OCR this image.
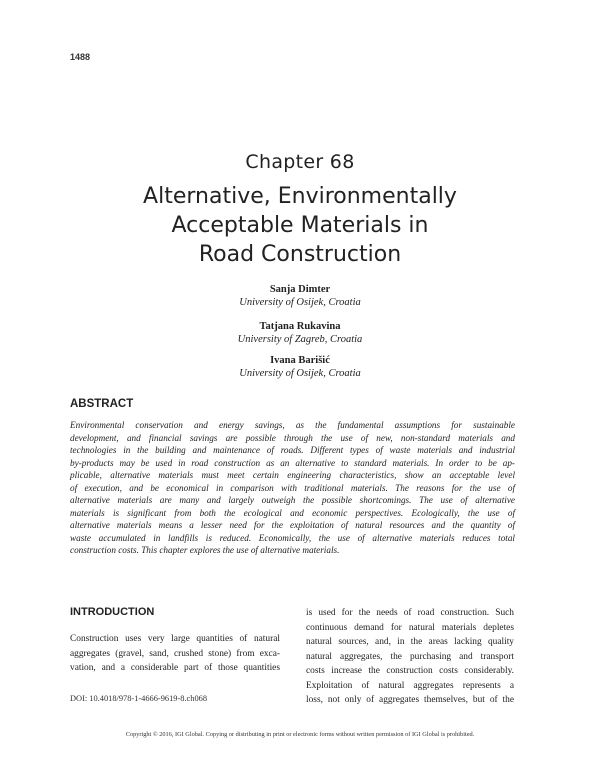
1488
Chapter 68
Alternative, Environmentally
Acceptable Materials in
Road Construction
Sanja Dimter
University of Osijek, Croatia
Tatjana Rukavina
University of Zagreb, Croatia
Ivana Barišić
University of Osijek, Croatia
ABSTRACT
Environmental conservation and energy savings, as the fundamental assumptions for sustainable
development, and financial savings are possible through the use of new, non-standard materials and
technologies in the building and maintenance of roads. Different types of waste materials and industrial
by-products may be used in road construction as an alternative to standard materials. In order to be ap-
plicable, alternative materials must meet certain engineering characteristics, show an acceptable level
of execution, and be economical in comparison with traditional materials. The reasons for the use of
alternative materials are many and largely outweigh the possible shortcomings. The use of alternative
materials is significant from both the ecological and economic perspectives. Ecologically, the use of
alternative materials means a lesser need for the exploitation of natural resources and the quantity of
waste accumulated in landfills is reduced. Economically, the use of alternative materials reduces total
construction costs. This chapter explores the use of alternative materials.
INTRODUCTION
Construction uses very large quantities of natural
aggregates (gravel, sand, crushed stone) from exca-
vation, and a considerable part of those quantities
is used for the needs of road construction. Such
continuous demand for natural materials depletes
natural sources, and, in the areas lacking quality
natural aggregates, the purchasing and transport
costs increase the construction costs considerably.
Exploitation of natural aggregates represents a
loss, not only of aggregates themselves, but of the
DOI: 10.4018/978-1-4666-9619-8.ch068
Copyright © 2016, IGI Global. Copying or distributing in print or electronic forms without written permission of IGI Global is prohibited.
